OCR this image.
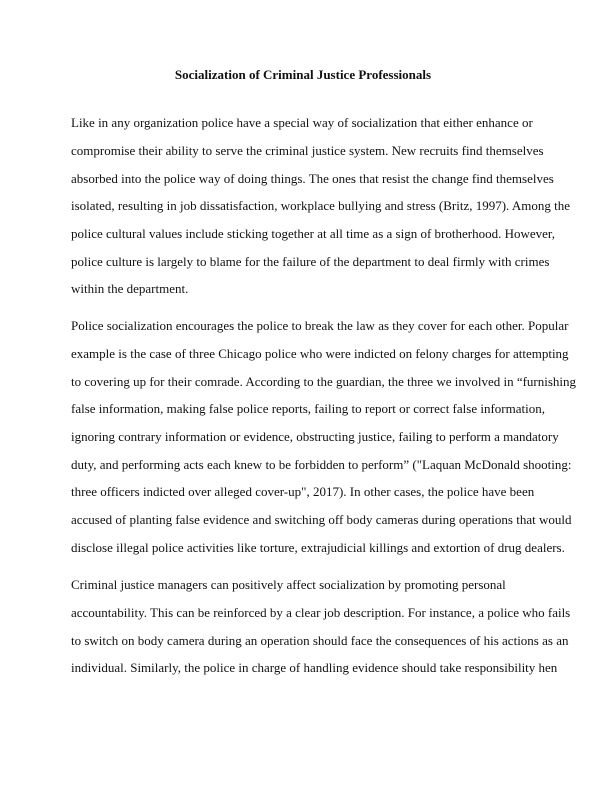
Socialization of Criminal Justice Professionals
Like in any organization police have a special way of socialization that either enhance or
compromise their ability to serve the criminal justice system. New recruits find themselves
absorbed into the police way of doing things. The ones that resist the change find themselves
isolated, resulting in job dissatisfaction, workplace bullying and stress (Britz, 1997). Among the
police cultural values include sticking together at all time as a sign of brotherhood. However,
police culture is largely to blame for the failure of the department to deal firmly with crimes
within the department.
Police socialization encourages the police to break the law as they cover for each other. Popular
example is the case of three Chicago police who were indicted on felony charges for attempting
to covering up for their comrade. According to the guardian, the three we involved in “furnishing
false information, making false police reports, failing to report or correct false information,
ignoring contrary information or evidence, obstructing justice, failing to perform a mandatory
duty, and performing acts each knew to be forbidden to perform” ("Laquan McDonald shooting:
three officers indicted over alleged cover-up", 2017). In other cases, the police have been
accused of planting false evidence and switching off body cameras during operations that would
disclose illegal police activities like torture, extrajudicial killings and extortion of drug dealers.
Criminal justice managers can positively affect socialization by promoting personal
accountability. This can be reinforced by a clear job description. For instance, a police who fails
to switch on body camera during an operation should face the consequences of his actions as an
individual. Similarly, the police in charge of handling evidence should take responsibility hen
